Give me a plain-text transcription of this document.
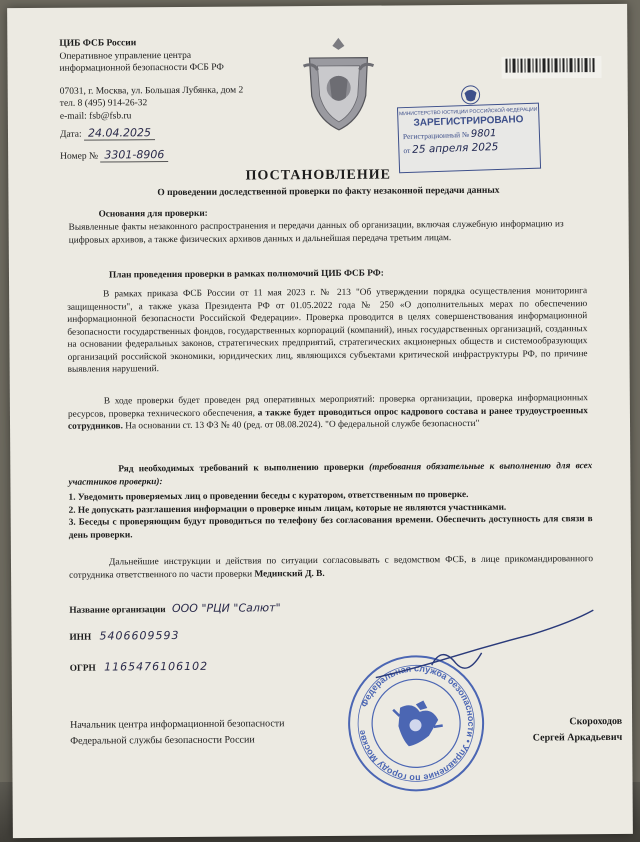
ЦИБ ФСБ России
Оперативное управление центра
информационной безопасности ФСБ РФ
07031, г. Москва, ул. Большая Лубянка, дом 2
тел. 8 (495) 914-26-32
e-mail: fsb@fsb.ru
Дата: 24.04.2025
Номер № 3301-8906
МИНИСТЕРСТВО ЮСТИЦИИ РОССИЙСКОЙ ФЕДЕРАЦИИ
ЗАРЕГИСТРИРОВАНО
Регистрационный № 9801
от 25 апреля 2025
ПОСТАНОВЛЕНИЕ
О проведении доследственной проверки по факту незаконной передачи данных
Основания для проверки:
Выявленные факты незаконного распространения и передачи данных об организации, включая служебную информацию из цифровых архивов, а также физических архивов данных и дальнейшая передача третьим лицам.
План проведения проверки в рамках полномочий ЦИБ ФСБ РФ:
В рамках приказа ФСБ России от 11 мая 2023 г. № 213 "Об утверждении порядка осуществления мониторинга защищенности", а также указа Президента РФ от 01.05.2022 года № 250 «О дополнительных мерах по обеспечению информационной безопасности Российской Федерации». Проверка проводится в целях совершенствования информационной безопасности государственных фондов, государственных корпораций (компаний), иных государственных организаций, созданных на основании федеральных законов, стратегических предприятий, стратегических акционерных обществ и системообразующих организаций российской экономики, юридических лиц, являющихся субъектами критической инфраструктуры РФ, по причине выявления нарушений.
В ходе проверки будет проведен ряд оперативных мероприятий: проверка организации, проверка информационных ресурсов, проверка технического обеспечения, а также будет проводиться опрос кадрового состава и ранее трудоустроенных сотрудников. На основании ст. 13 ФЗ № 40 (ред. от 08.08.2024). "О федеральной службе безопасности"
Ряд необходимых требований к выполнению проверки (требования обязательные к выполнению для всех участников проверки):
1. Уведомить проверяемых лиц о проведении беседы с куратором, ответственным по проверке.
2. Не допускать разглашения информации о проверке иным лицам, которые не являются участниками.
3. Беседы с проверяющим будут проводиться по телефону без согласования времени. Обеспечить доступность для связи в день проверки.
Дальнейшие инструкции и действия по ситуации согласовывать с ведомством ФСБ, в лице прикомандированного сотрудника ответственного по части проверки Мединский Д. В.
Название организации ООО "РЦИ "Салют"
ИНН 5406609593
ОГРН 1165476106102
Начальник центра информационной безопасности
Федеральной службы безопасности России
Скороходов
Сергей Аркадьевич
Федеральная служба безопасности • Управление по городу Москве
